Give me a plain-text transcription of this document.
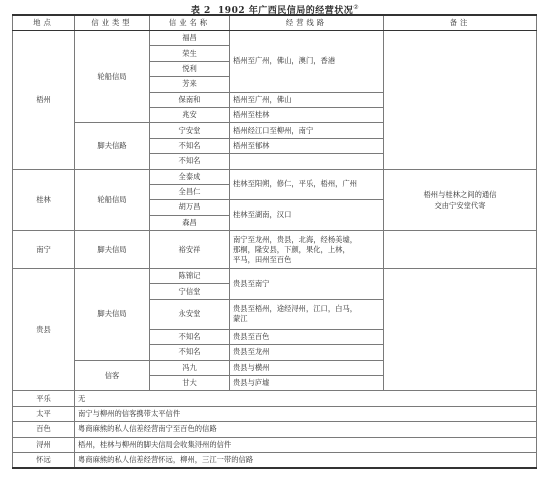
表 2 1902 年广西民信局的经营状况②
地点	信业类型	信业名称	经营线路	备注
梧州	轮船信局	福昌	梧州至广州，佛山，澳门，香港	
		荣生		
		悦利		
		芳来		
		保南和	梧州至广州，佛山	
		兆安	梧州至桂林	
	脚夫信路	宁安堂	梧州经江口至柳州，南宁	
		不知名	梧州至郁林	
		不知名		
桂林	轮船信局	全泰成	桂林至阳朔，修仁，平乐，梧州，广州	梧州与桂林之间的通信
交由宁安堂代寄

		全昌仁		
		胡万昌	桂林至湖南，汉口	
		森昌		
南宁	脚夫信局	裕安祥	南宁至龙州，贵县，北海，经杨美墟，
那桐，隆安县，下颜，果化，上林，
平马，田州至百色	

贵县	脚夫信局	陈锦记	贵县至南宁	
		宁信堂		
		永安堂	贵县至梧州，途经浔州，江口，白马，
蒙江	

		不知名	贵县至百色	
		不知名	贵县至龙州	
	信客	冯九	贵县与横州	
		甘大	贵县与庐墟	
平乐	无			
太平	南宁与柳州的信客携带太平信件			
百色	粤商麻熊的私人信差经营南宁至百色的信路			
浔州	梧州，桂林与柳州的脚夫信局会收集浔州的信件			
怀远	粤商麻熊的私人信差经营怀远，柳州，三江一带的信路			
